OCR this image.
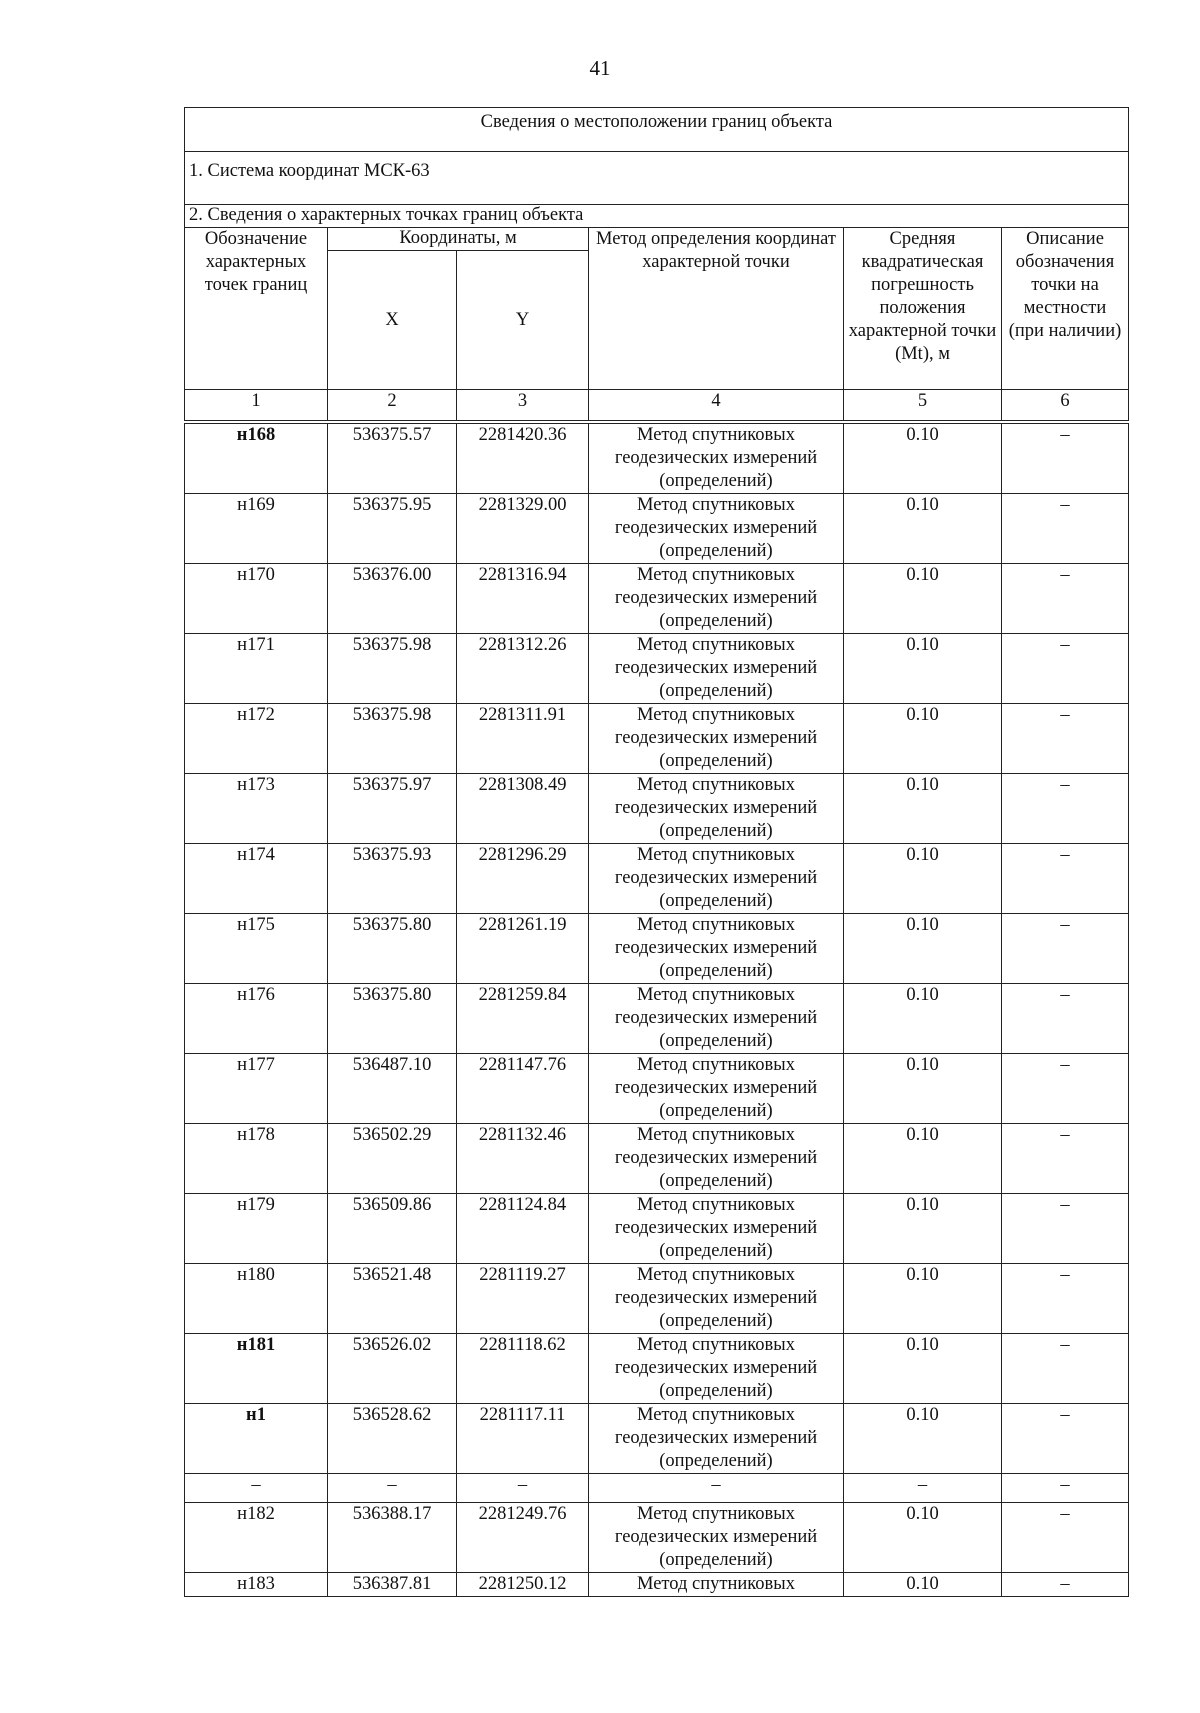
41
Сведения о местоположении границ объекта					
1. Система координат МСК-63					
2. Сведения о характерных точках границ объекта					
Обозначение характерных точек границ	Координаты, м		Метод определения координат характерной точки	Средняя квадратическая погрешность положения характерной точки (Mt), м	Описание обозначения точки на местности (при наличии)
	X	Y			
1	2	3	4	5	6

н168	536375.57	2281420.36	Метод спутниковых геодезических измерений (определений)	0.10	–
н169	536375.95	2281329.00	Метод спутниковых геодезических измерений (определений)	0.10	–
н170	536376.00	2281316.94	Метод спутниковых геодезических измерений (определений)	0.10	–
н171	536375.98	2281312.26	Метод спутниковых геодезических измерений (определений)	0.10	–
н172	536375.98	2281311.91	Метод спутниковых геодезических измерений (определений)	0.10	–
н173	536375.97	2281308.49	Метод спутниковых геодезических измерений (определений)	0.10	–
н174	536375.93	2281296.29	Метод спутниковых геодезических измерений (определений)	0.10	–
н175	536375.80	2281261.19	Метод спутниковых геодезических измерений (определений)	0.10	–
н176	536375.80	2281259.84	Метод спутниковых геодезических измерений (определений)	0.10	–
н177	536487.10	2281147.76	Метод спутниковых геодезических измерений (определений)	0.10	–
н178	536502.29	2281132.46	Метод спутниковых геодезических измерений (определений)	0.10	–
н179	536509.86	2281124.84	Метод спутниковых геодезических измерений (определений)	0.10	–
н180	536521.48	2281119.27	Метод спутниковых геодезических измерений (определений)	0.10	–
н181	536526.02	2281118.62	Метод спутниковых геодезических измерений (определений)	0.10	–
н1	536528.62	2281117.11	Метод спутниковых геодезических измерений (определений)	0.10	–
–	–	–	–	–	–
н182	536388.17	2281249.76	Метод спутниковых геодезических измерений (определений)	0.10	–
н183	536387.81	2281250.12	Метод спутниковых	0.10	–
